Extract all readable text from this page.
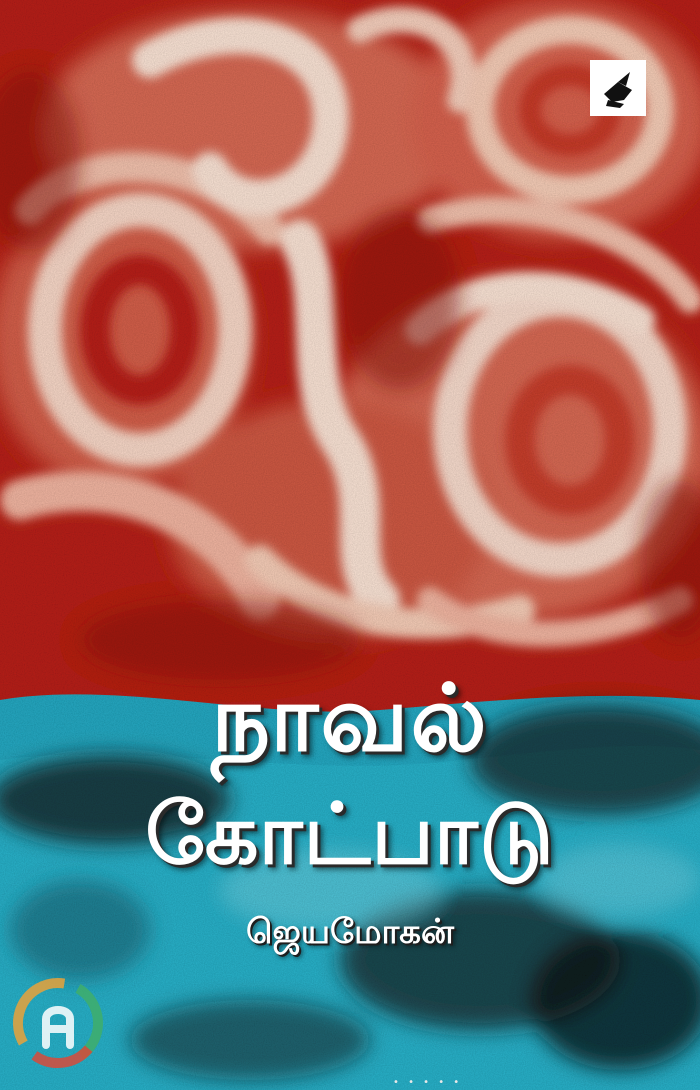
நாவல்
கோட்பாடு
ஜெயமோகன்
• • • • •
